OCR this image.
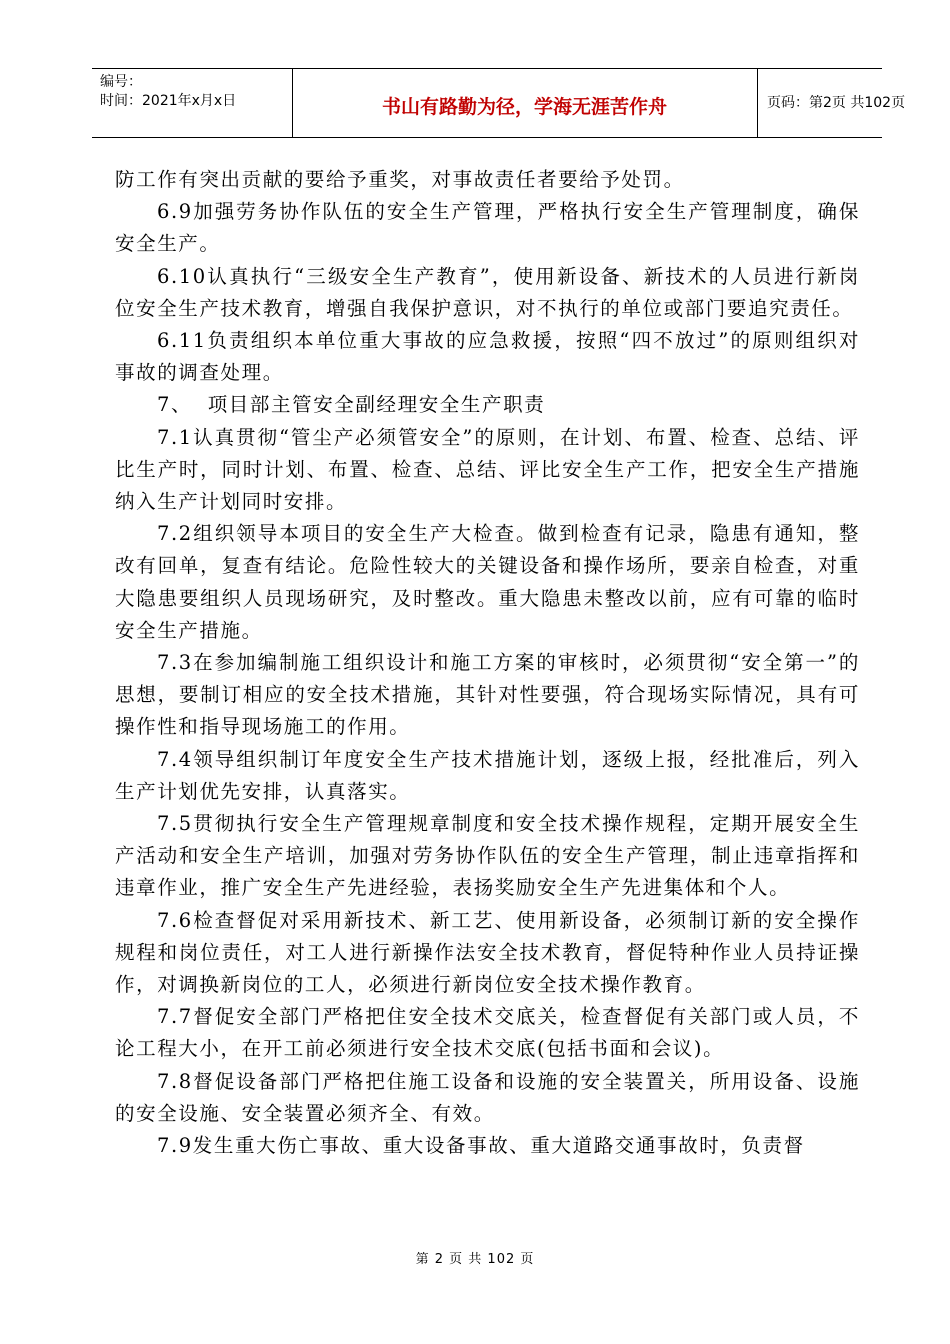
编号：
时间：2021年x月x日	书山有路勤为径，学海无涯苦作舟	页码：第2页 共102页

防工作有突出贡献的要给予重奖，对事故责任者要给予处罚。

6.9加强劳务协作队伍的安全生产管理，严格执行安全生产管理制度，确保安全生产。

6.10认真执行“三级安全生产教育”，使用新设备、新技术的人员进行新岗位安全生产技术教育，增强自我保护意识，对不执行的单位或部门要追究责任。

6.11负责组织本单位重大事故的应急救援，按照“四不放过”的原则组织对事故的调查处理。

7、  项目部主管安全副经理安全生产职责

7.1认真贯彻“管尘产必须管安全”的原则，在计划、布置、检查、总结、评比生产时，同时计划、布置、检查、总结、评比安全生产工作，把安全生产措施纳入生产计划同时安排。

7.2组织领导本项目的安全生产大检查。做到检查有记录，隐患有通知，整改有回单，复查有结论。危险性较大的关键设备和操作场所，要亲自检查，对重大隐患要组织人员现场研究，及时整改。重大隐患未整改以前，应有可靠的临时安全生产措施。

7.3在参加编制施工组织设计和施工方案的审核时，必须贯彻“安全第一”的思想，要制订相应的安全技术措施，其针对性要强，符合现场实际情况，具有可操作性和指导现场施工的作用。

7.4领导组织制订年度安全生产技术措施计划，逐级上报，经批准后，列入生产计划优先安排，认真落实。

7.5贯彻执行安全生产管理规章制度和安全技术操作规程，定期开展安全生产活动和安全生产培训，加强对劳务协作队伍的安全生产管理，制止违章指挥和违章作业，推广安全生产先进经验，表扬奖励安全生产先进集体和个人。

7.6检查督促对采用新技术、新工艺、使用新设备，必须制订新的安全操作规程和岗位责任，对工人进行新操作法安全技术教育，督促特种作业人员持证操作，对调换新岗位的工人，必须进行新岗位安全技术操作教育。

7.7督促安全部门严格把住安全技术交底关，检查督促有关部门或人员，不论工程大小，在开工前必须进行安全技术交底(包括书面和会议)。

7.8督促设备部门严格把住施工设备和设施的安全装置关，所用设备、设施的安全设施、安全装置必须齐全、有效。

7.9发生重大伤亡事故、重大设备事故、重大道路交通事故时，负责督

第 2 页 共 102 页
